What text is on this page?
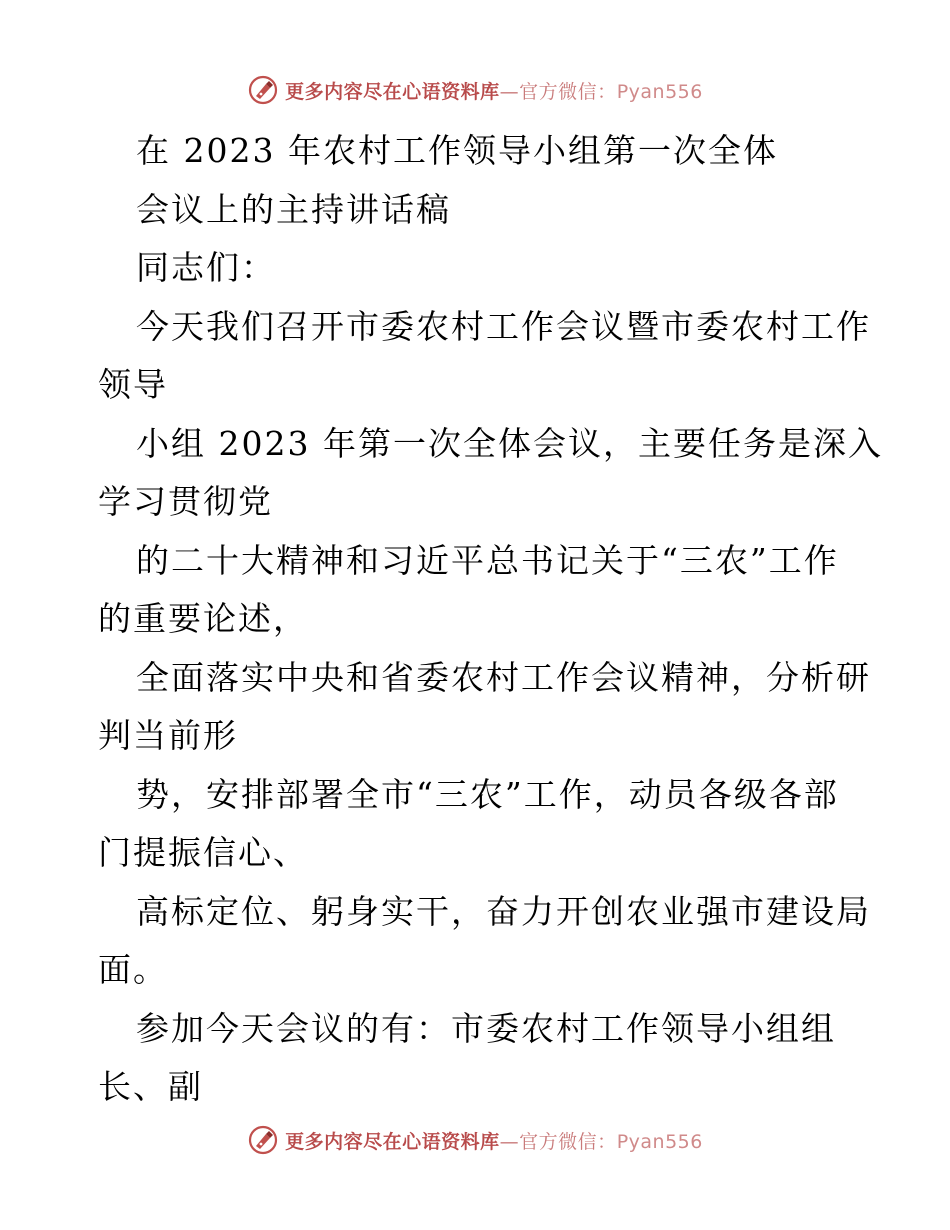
更多内容尽在心语资料库—官方微信：Pyan556
在 2023 年农村工作领导小组第一次全体
会议上的主持讲话稿
同志们：
今天我们召开市委农村工作会议暨市委农村工作
领导
小组 2023 年第一次全体会议，主要任务是深入
学习贯彻党
的二十大精神和习近平总书记关于“三农”工作
的重要论述，
全面落实中央和省委农村工作会议精神，分析研
判当前形
势，安排部署全市“三农”工作，动员各级各部
门提振信心、
高标定位、躬身实干，奋力开创农业强市建设局
面。
参加今天会议的有：市委农村工作领导小组组
长、副
更多内容尽在心语资料库—官方微信：Pyan556
